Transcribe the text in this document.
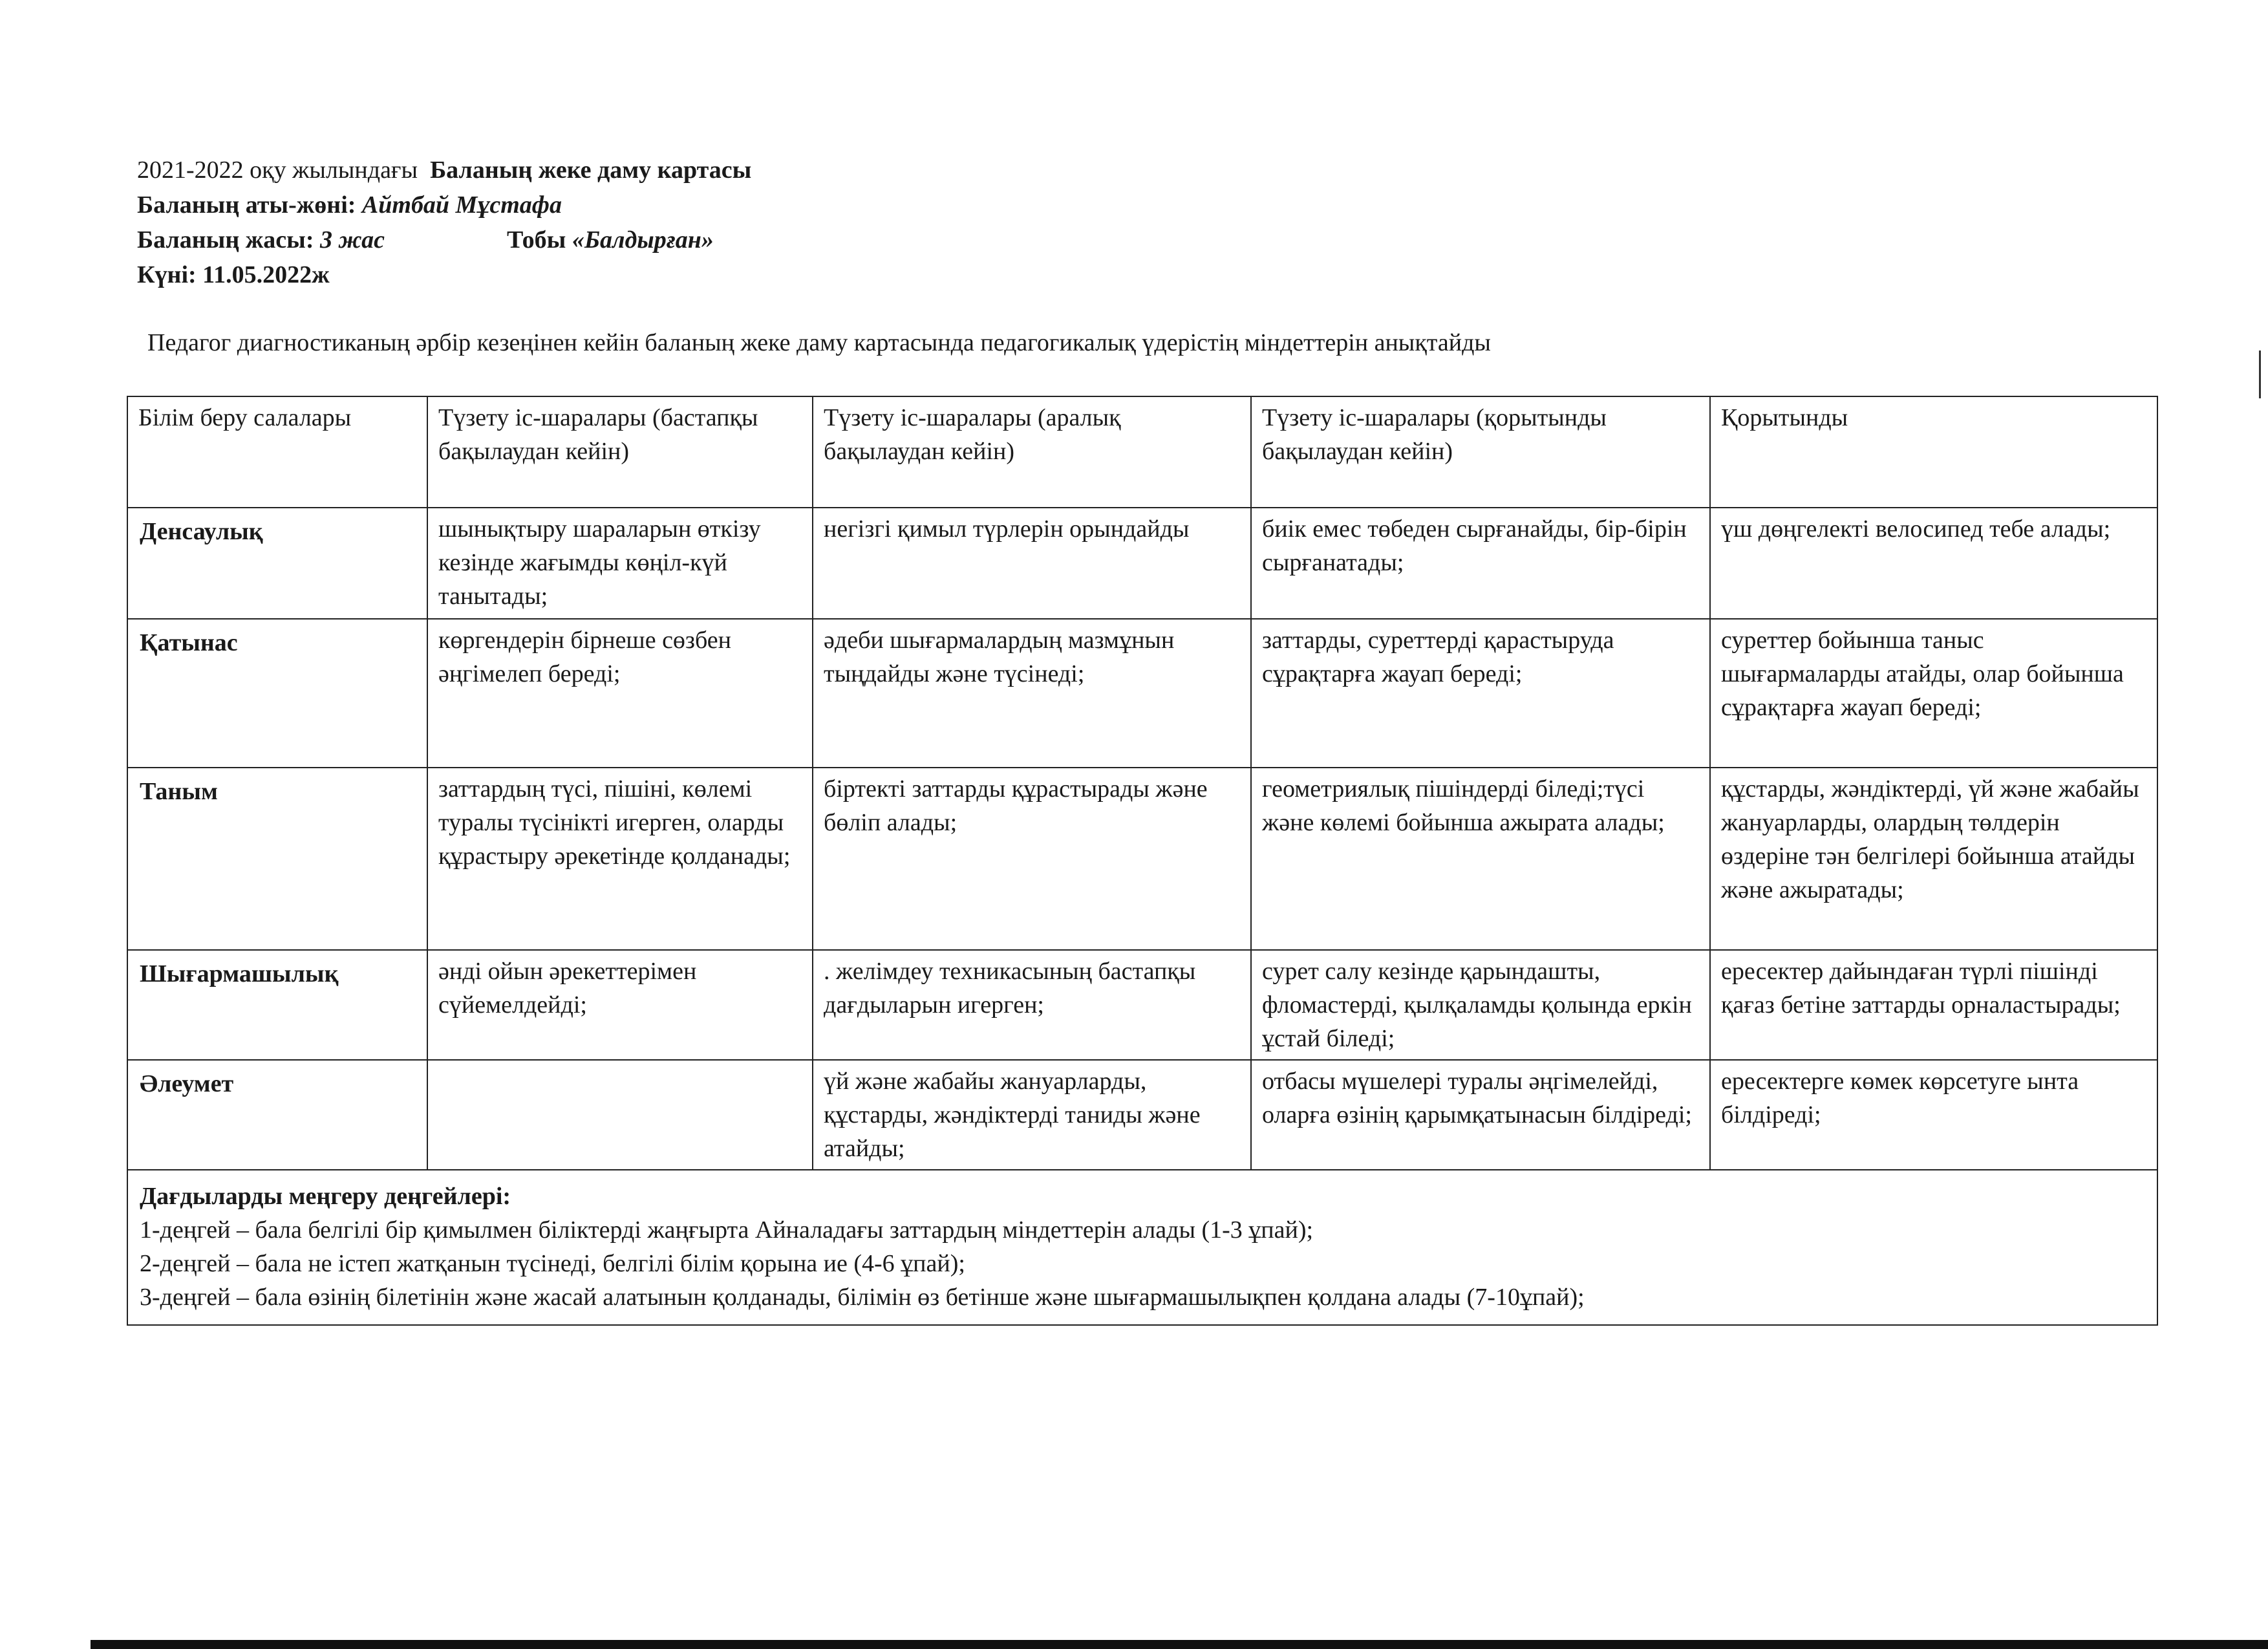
2021-2022 оқу жылындағы Баланың жеке даму картасы
Баланың аты-жөні: Айтбай Мұстафа
Баланың жасы: 3 жас	Тобы «Балдырған»
Күні: 11.05.2022ж
Педагог диагностиканың әрбір кезеңінен кейін баланың жеке даму картасында педагогикалық үдерістің міндеттерін анықтайды
Білім беру салалары	Түзету іс-шаралары (бастапқы бақылаудан кейін)	Түзету іс-шаралары (аралық бақылаудан кейін)	Түзету іс-шаралары (қорытынды бақылаудан кейін)	Қорытынды
Денсаулық	шынықтыру шараларын өткізу кезінде жағымды көңіл-күй танытады;	негізгі қимыл түрлерін орындайды	биік емес төбеден сырғанайды, бір-бірін сырғанатады;	үш дөңгелекті велосипед тебе алады;
Қатынас	көргендерін бірнеше сөзбен әңгімелеп береді;	әдеби шығармалардың мазмұнын тыңдайды және түсінеді;	заттарды, суреттерді қарастыруда сұрақтарға жауап береді;	суреттер бойынша таныс шығармаларды атайды, олар бойынша сұрақтарға жауап береді;
Таным	заттардың түсі, пішіні, көлемі туралы түсінікті игерген, оларды құрастыру әрекетінде қолданады;	біртекті заттарды құрастырады және бөліп алады;	геометриялық пішіндерді біледі;түсі және көлемі бойынша ажырата алады;	құстарды, жәндіктерді, үй және жабайы жануарларды, олардың төлдерін өздеріне тән белгілері бойынша атайды және ажыратады;
Шығармашылық	әнді ойын әрекеттерімен сүйемелдейді;	. желімдеу техникасының бастапқы дағдыларын игерген;	сурет салу кезінде қарындашты, фломастерді, қылқаламды қолында еркін ұстай біледі;	ересектер дайындаған түрлі пішінді қағаз бетіне заттарды орналастырады;
Әлеумет		үй және жабайы жануарларды, құстарды, жәндіктерді таниды және атайды;	отбасы мүшелері туралы әңгімелейді, оларға өзінің қарымқатынасын білдіреді;	ересектерге көмек көрсетуге ынта білдіреді;

Дағдыларды меңгеру деңгейлері:
1-деңгей – бала белгілі бір қимылмен біліктерді жаңғырта Айналадағы заттардың міндеттерін алады (1-3 ұпай);
2-деңгей – бала не істеп жатқанын түсінеді, белгілі білім қорына ие (4-6 ұпай);
3-деңгей – бала өзінің білетінін және жасай алатынын қолданады, білімін өз бетінше және шығармашылықпен қолдана алады (7-10ұпай);				
